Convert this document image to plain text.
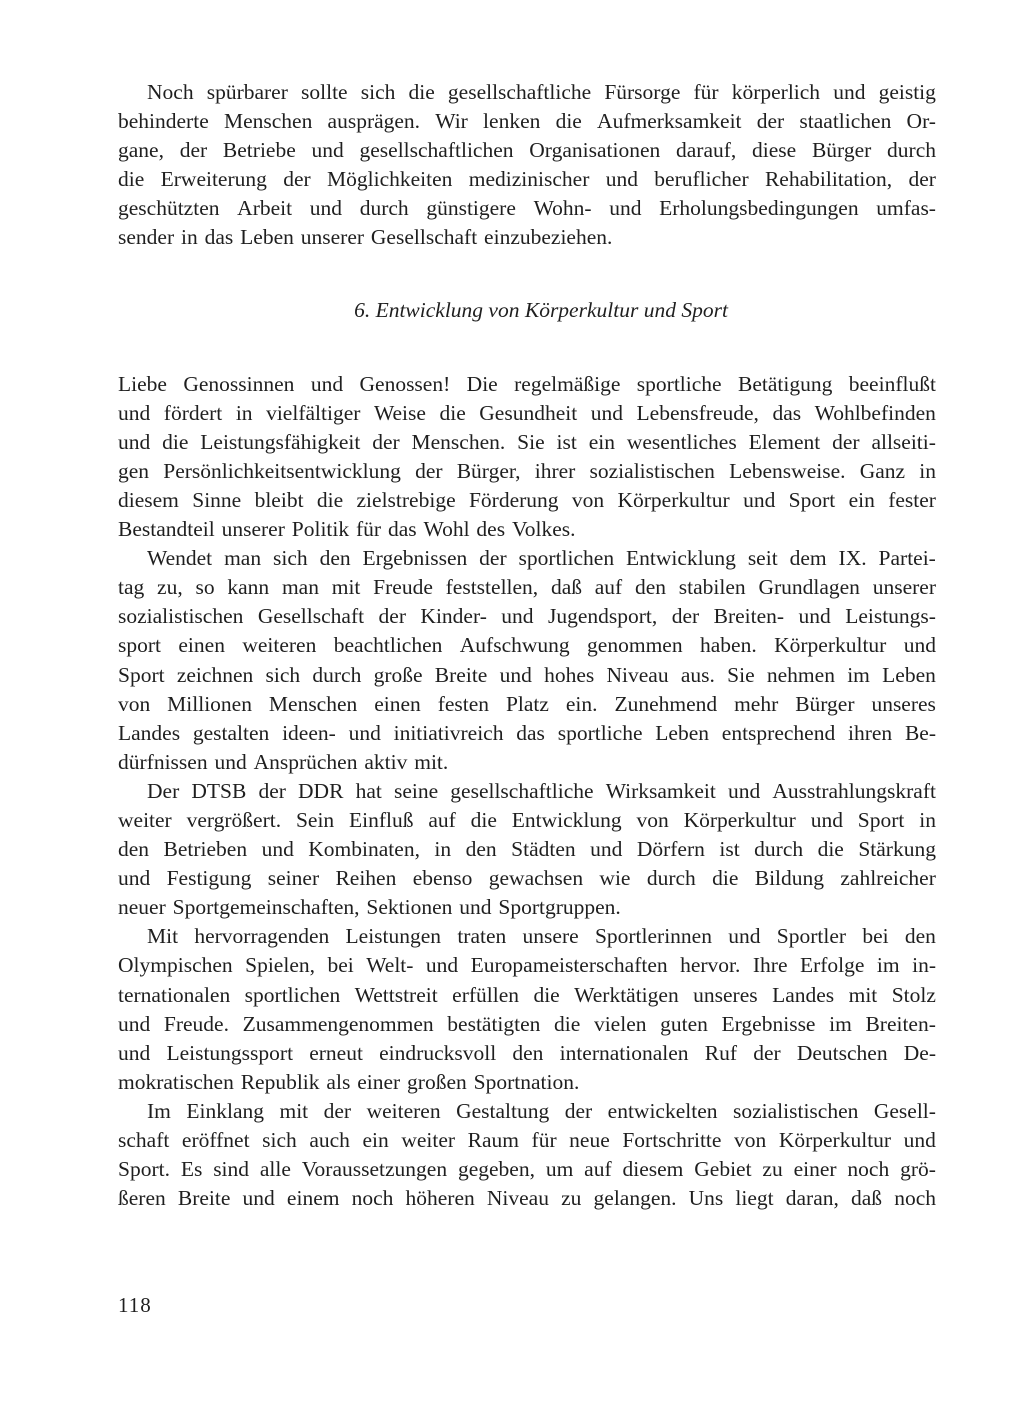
Noch spürbarer sollte sich die gesellschaftliche Fürsorge für körperlich und geistig
behinderte Menschen ausprägen. Wir lenken die Aufmerksamkeit der staatlichen Or-
gane, der Betriebe und gesellschaftlichen Organisationen darauf, diese Bürger durch
die Erweiterung der Möglichkeiten medizinischer und beruflicher Rehabilitation, der
geschützten Arbeit und durch günstigere Wohn- und Erholungsbedingungen umfas-
sender in das Leben unserer Gesellschaft einzubeziehen.
6. Entwicklung von Körperkultur und Sport
Liebe Genossinnen und Genossen! Die regelmäßige sportliche Betätigung beeinflußt
und fördert in vielfältiger Weise die Gesundheit und Lebensfreude, das Wohlbefinden
und die Leistungsfähigkeit der Menschen. Sie ist ein wesentliches Element der allseiti-
gen Persönlichkeitsentwicklung der Bürger, ihrer sozialistischen Lebensweise. Ganz in
diesem Sinne bleibt die zielstrebige Förderung von Körperkultur und Sport ein fester
Bestandteil unserer Politik für das Wohl des Volkes.
Wendet man sich den Ergebnissen der sportlichen Entwicklung seit dem IX. Partei-
tag zu, so kann man mit Freude feststellen, daß auf den stabilen Grundlagen unserer
sozialistischen Gesellschaft der Kinder- und Jugendsport, der Breiten- und Leistungs-
sport einen weiteren beachtlichen Aufschwung genommen haben. Körperkultur und
Sport zeichnen sich durch große Breite und hohes Niveau aus. Sie nehmen im Leben
von Millionen Menschen einen festen Platz ein. Zunehmend mehr Bürger unseres
Landes gestalten ideen- und initiativreich das sportliche Leben entsprechend ihren Be-
dürfnissen und Ansprüchen aktiv mit.
Der DTSB der DDR hat seine gesellschaftliche Wirksamkeit und Ausstrahlungskraft
weiter vergrößert. Sein Einfluß auf die Entwicklung von Körperkultur und Sport in
den Betrieben und Kombinaten, in den Städten und Dörfern ist durch die Stärkung
und Festigung seiner Reihen ebenso gewachsen wie durch die Bildung zahlreicher
neuer Sportgemeinschaften, Sektionen und Sportgruppen.
Mit hervorragenden Leistungen traten unsere Sportlerinnen und Sportler bei den
Olympischen Spielen, bei Welt- und Europameisterschaften hervor. Ihre Erfolge im in-
ternationalen sportlichen Wettstreit erfüllen die Werktätigen unseres Landes mit Stolz
und Freude. Zusammengenommen bestätigten die vielen guten Ergebnisse im Breiten-
und Leistungssport erneut eindrucksvoll den internationalen Ruf der Deutschen De-
mokratischen Republik als einer großen Sportnation.
Im Einklang mit der weiteren Gestaltung der entwickelten sozialistischen Gesell-
schaft eröffnet sich auch ein weiter Raum für neue Fortschritte von Körperkultur und
Sport. Es sind alle Voraussetzungen gegeben, um auf diesem Gebiet zu einer noch grö-
ßeren Breite und einem noch höheren Niveau zu gelangen. Uns liegt daran, daß noch
118
